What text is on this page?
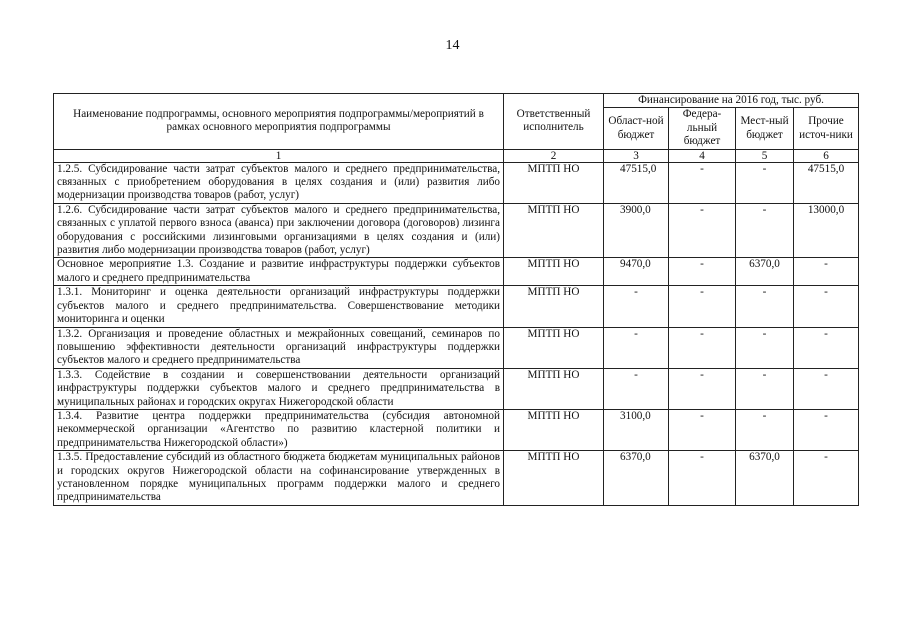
14
Наименование подпрограммы, основного мероприятия подпрограммы/мероприятий в рамках основного мероприятия подпрограммы	Ответственный исполнитель	Финансирование на 2016 год, тыс. руб.			
		Област-ной бюджет	Федера-льный бюджет	Мест-ный бюджет	Прочие источ-ники
1	2	3	4	5	6
1.2.5. Субсидирование части затрат субъектов малого и среднего предпринимательства, связанных с приобретением оборудования в целях создания и (или) развития либо модернизации производства товаров (работ, услуг)	МПТП НО	47515,0	-	-	47515,0
1.2.6. Субсидирование части затрат субъектов малого и среднего предпринимательства, связанных с уплатой первого взноса (аванса) при заключении договора (договоров) лизинга оборудования с российскими лизинговыми организациями в целях создания и (или) развития либо модернизации производства товаров (работ, услуг)	МПТП НО	3900,0	-	-	13000,0
Основное мероприятие 1.3. Создание и развитие инфраструктуры поддержки субъектов малого и среднего предпринимательства	МПТП НО	9470,0	-	6370,0	-
1.3.1. Мониторинг и оценка деятельности организаций инфраструктуры поддержки субъектов малого и среднего предпринимательства. Совершенствование методики мониторинга и оценки	МПТП НО	-	-	-	-
1.3.2. Организация и проведение областных и межрайонных совещаний, семинаров по повышению эффективности деятельности организаций инфраструктуры поддержки субъектов малого и среднего предпринимательства	МПТП НО	-	-	-	-
1.3.3. Содействие в создании и совершенствовании деятельности организаций инфраструктуры поддержки субъектов малого и среднего предпринимательства в муниципальных районах и городских округах Нижегородской области	МПТП НО	-	-	-	-
1.3.4. Развитие центра поддержки предпринимательства (субсидия автономной некоммерческой организации «Агентство по развитию кластерной политики и предпринимательства Нижегородской области»)	МПТП НО	3100,0	-	-	-
1.3.5. Предоставление субсидий из областного бюджета бюджетам муниципальных районов и городских округов Нижегородской области на софинансирование утвержденных в установленном порядке муниципальных программ поддержки малого и среднего предпринимательства	МПТП НО	6370,0	-	6370,0	-
